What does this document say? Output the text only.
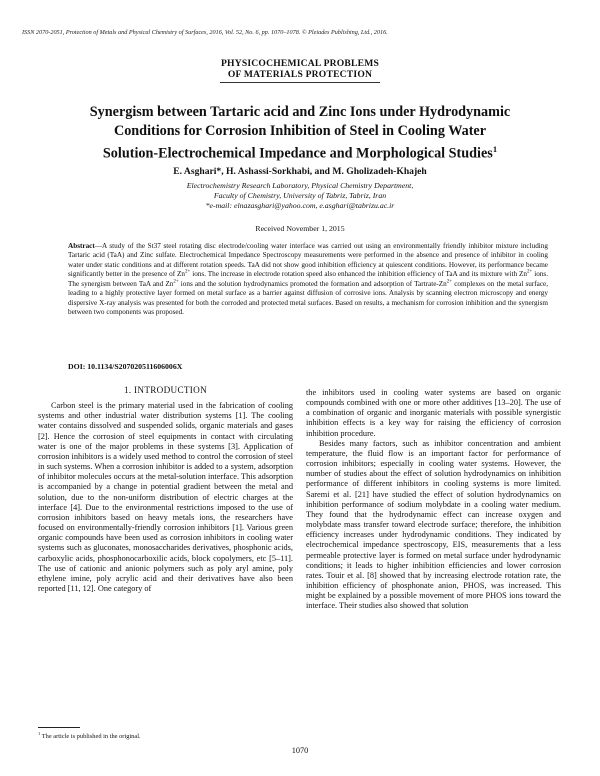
ISSN 2070-2051, Protection of Metals and Physical Chemistry of Surfaces, 2016, Vol. 52, No. 6, pp. 1070–1078. © Pleiades Publishing, Ltd., 2016.
PHYSICOCHEMICAL PROBLEMS
OF MATERIALS PROTECTION
Synergism between Tartaric acid and Zinc Ions under Hydrodynamic
Conditions for Corrosion Inhibition of Steel in Cooling Water
Solution-Electrochemical Impedance and Morphological Studies$^1$
E. Asghari*, H. Ashassi-Sorkhabi, and M. Gholizadeh-Khajeh
Electrochemistry Research Laboratory, Physical Chemistry Department,
Faculty of Chemistry, University of Tabriz, Tabriz, Iran
*e-mail: elnazasghari@yahoo.com, e.asghari@tabrizu.ac.ir
Received November 1, 2015
Abstract—A study of the St37 steel rotating disc electrode/cooling water interface was carried out using an environmentally friendly inhibitor mixture including Tartaric acid (TaA) and Zinc sulfate. Electrochemical Impedance Spectroscopy measurements were performed in the absence and presence of inhibitor in cooling water under static conditions and at different rotation speeds. TaA did not show good inhibition efficiency at quiescent conditions. However, its performance became significantly better in the presence of $Zn^{2+}$ ions. The increase in electrode rotation speed also enhanced the inhibition efficiency of TaA and its mixture with $Zn^{2+}$ ions. The synergism between TaA and $Zn^{2+}$ ions and the solution hydrodynamics promoted the formation and adsorption of Tartrate-$Zn^{2+}$ complexes on the metal surface, leading to a highly protective layer formed on metal surface as a barrier against diffusion of corrosive ions. Analysis by scanning electron microscopy and energy dispersive X-ray analysis was presented for both the corroded and protected metal surfaces. Based on results, a mechanism for corrosion inhibition and the synergism between two components was proposed.
DOI: 10.1134/S207020511606006X
1. INTRODUCTION

Carbon steel is the primary material used in the fabrication of cooling systems and other industrial water distribution systems [1]. The cooling water contains dissolved and suspended solids, organic materials and gases [2]. Hence the corrosion of steel equipments in contact with circulating water is one of the major problems in these systems [3]. Application of corrosion inhibitors is a widely used method to control the corrosion of steel in such systems. When a corrosion inhibitor is added to a system, adsorption of inhibitor molecules occurs at the metal-solution interface. This adsorption is accompanied by a change in potential gradient between the metal and solution, due to the non-uniform distribution of electric charges at the interface [4]. Due to the environmental restrictions imposed to the use of corrosion inhibitors based on heavy metals ions, the researchers have focused on environmentally-friendly corrosion inhibitors [1]. Various green organic compounds have been used as corrosion inhibitors in cooling water systems such as gluconates, monosaccharides derivatives, phosphonic acids, carboxylic acids, phosphonocarboxilic acids, block copolymers, etc [5–11]. The use of cationic and anionic polymers such as poly aryl amine, poly ethylene imine, poly acrylic acid and their derivatives have also been reported [11, 12]. One category of

the inhibitors used in cooling water systems are based on organic compounds combined with one or more other additives [13–20]. The use of a combination of organic and inorganic materials with possible synergistic inhibition effects is a key way for raising the efficiency of corrosion inhibition procedure.

Besides many factors, such as inhibitor concentration and ambient temperature, the fluid flow is an important factor for performance of corrosion inhibitors; especially in cooling water systems. However, the number of studies about the effect of solution hydrodynamics on inhibition performance of different inhibitors in cooling systems is more limited. Saremi et al. [21] have studied the effect of solution hydrodynamics on inhibition performance of sodium molybdate in a cooling water medium. They found that the hydrodynamic effect can increase oxygen and molybdate mass transfer toward electrode surface; therefore, the inhibition efficiency increases under hydrodynamic conditions. They indicated by electrochemical impedance spectroscopy, EIS, measurements that a less permeable protective layer is formed on metal surface under hydrodynamic conditions; it leads to higher inhibition efficiencies and lower corrosion rates. Touir et al. [8] showed that by increasing electrode rotation rate, the inhibition efficiency of phosphonate anion, PHOS, was increased. This might be explained by a possible movement of more PHOS ions toward the interface. Their studies also showed that solution

$^1$ The article is published in the original.
1070
